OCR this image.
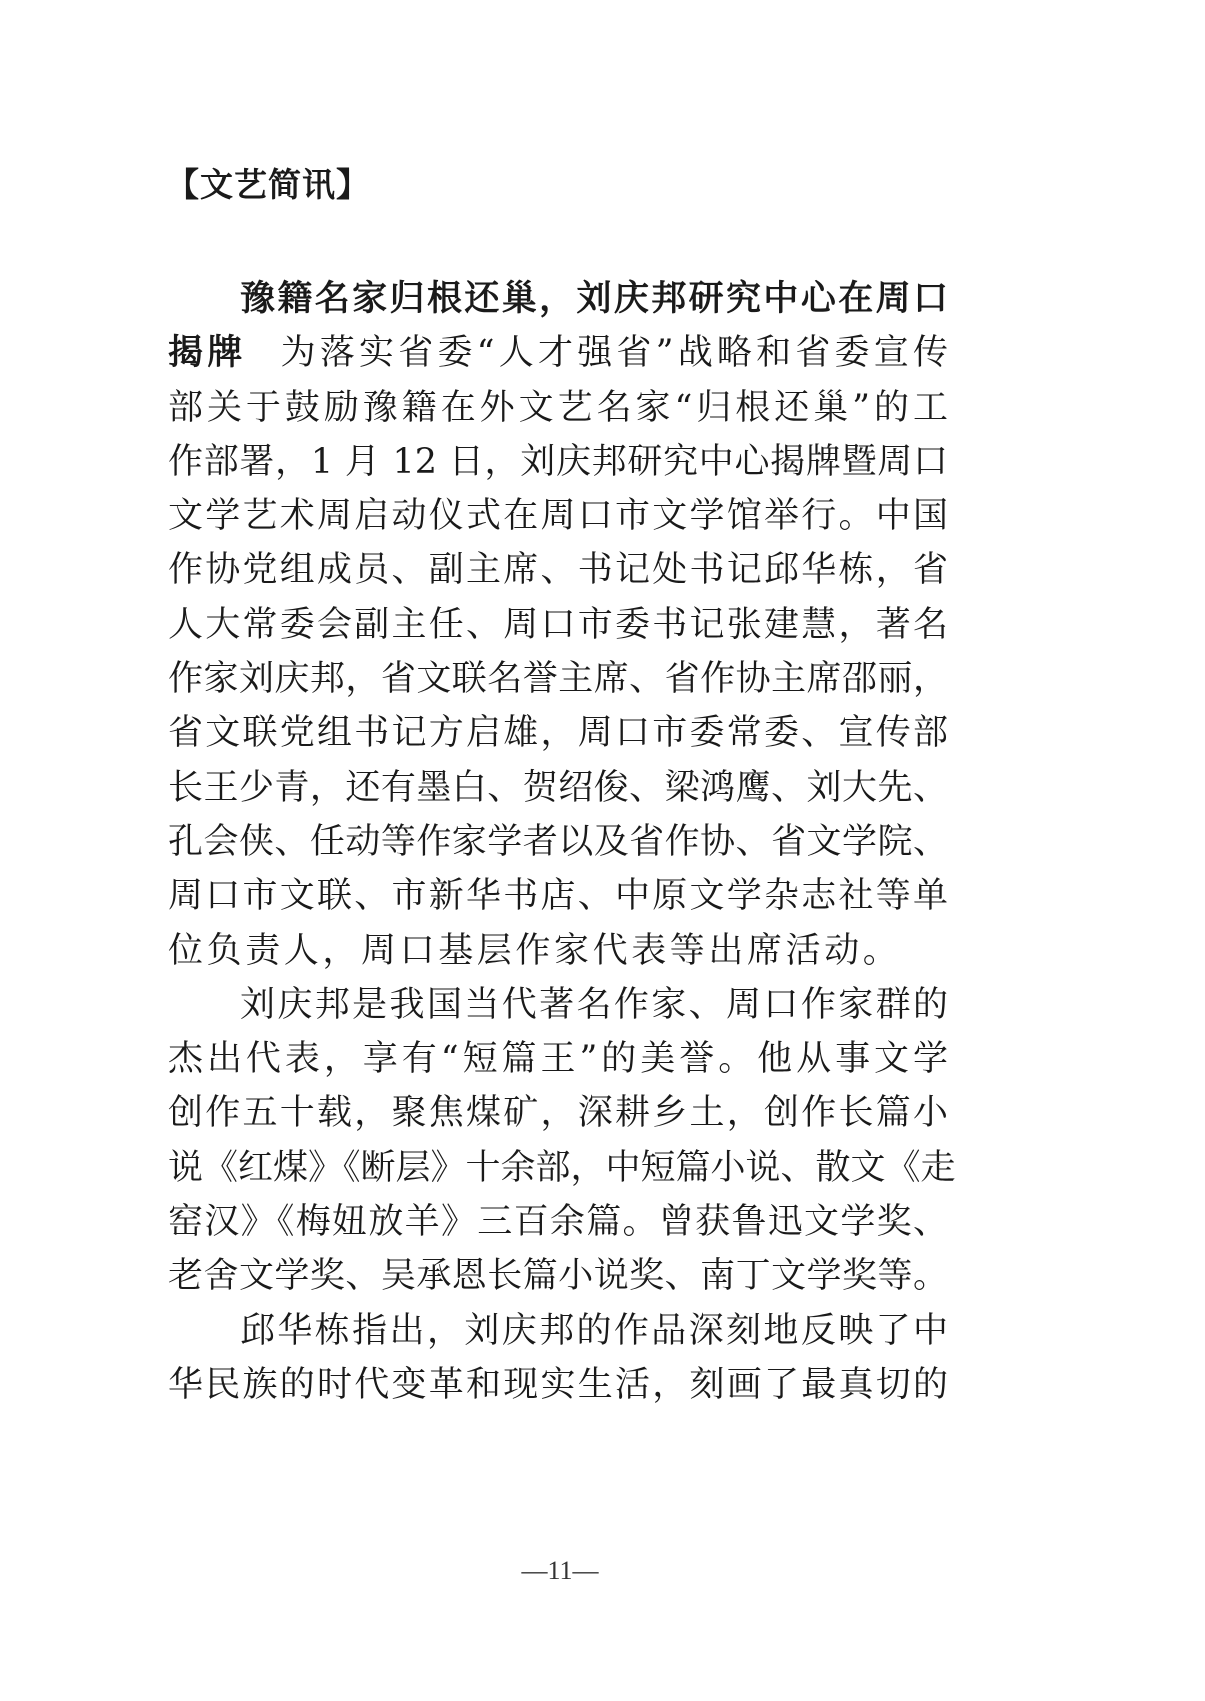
【文艺简讯】
豫籍名家归根还巢，刘庆邦研究中心在周口
揭牌 为落实省委“人才强省”战略和省委宣传
部关于鼓励豫籍在外文艺名家“归根还巢”的工
作部署，1 月 12 日，刘庆邦研究中心揭牌暨周口
文学艺术周启动仪式在周口市文学馆举行。中国
作协党组成员、副主席、书记处书记邱华栋，省
人大常委会副主任、周口市委书记张建慧，著名
作家刘庆邦，省文联名誉主席、省作协主席邵丽，
省文联党组书记方启雄，周口市委常委、宣传部
长王少青，还有墨白、贺绍俊、梁鸿鹰、刘大先、
孔会侠、任动等作家学者以及省作协、省文学院、
周口市文联、市新华书店、中原文学杂志社等单
位负责人，周口基层作家代表等出席活动。
刘庆邦是我国当代著名作家、周口作家群的
杰出代表，享有“短篇王”的美誉。他从事文学
创作五十载，聚焦煤矿，深耕乡土，创作长篇小
说《红煤》《断层》十余部，中短篇小说、散文《走
窑汉》《梅妞放羊》三百余篇。曾获鲁迅文学奖、
老舍文学奖、吴承恩长篇小说奖、南丁文学奖等。
邱华栋指出，刘庆邦的作品深刻地反映了中
华民族的时代变革和现实生活，刻画了最真切的
—11—
